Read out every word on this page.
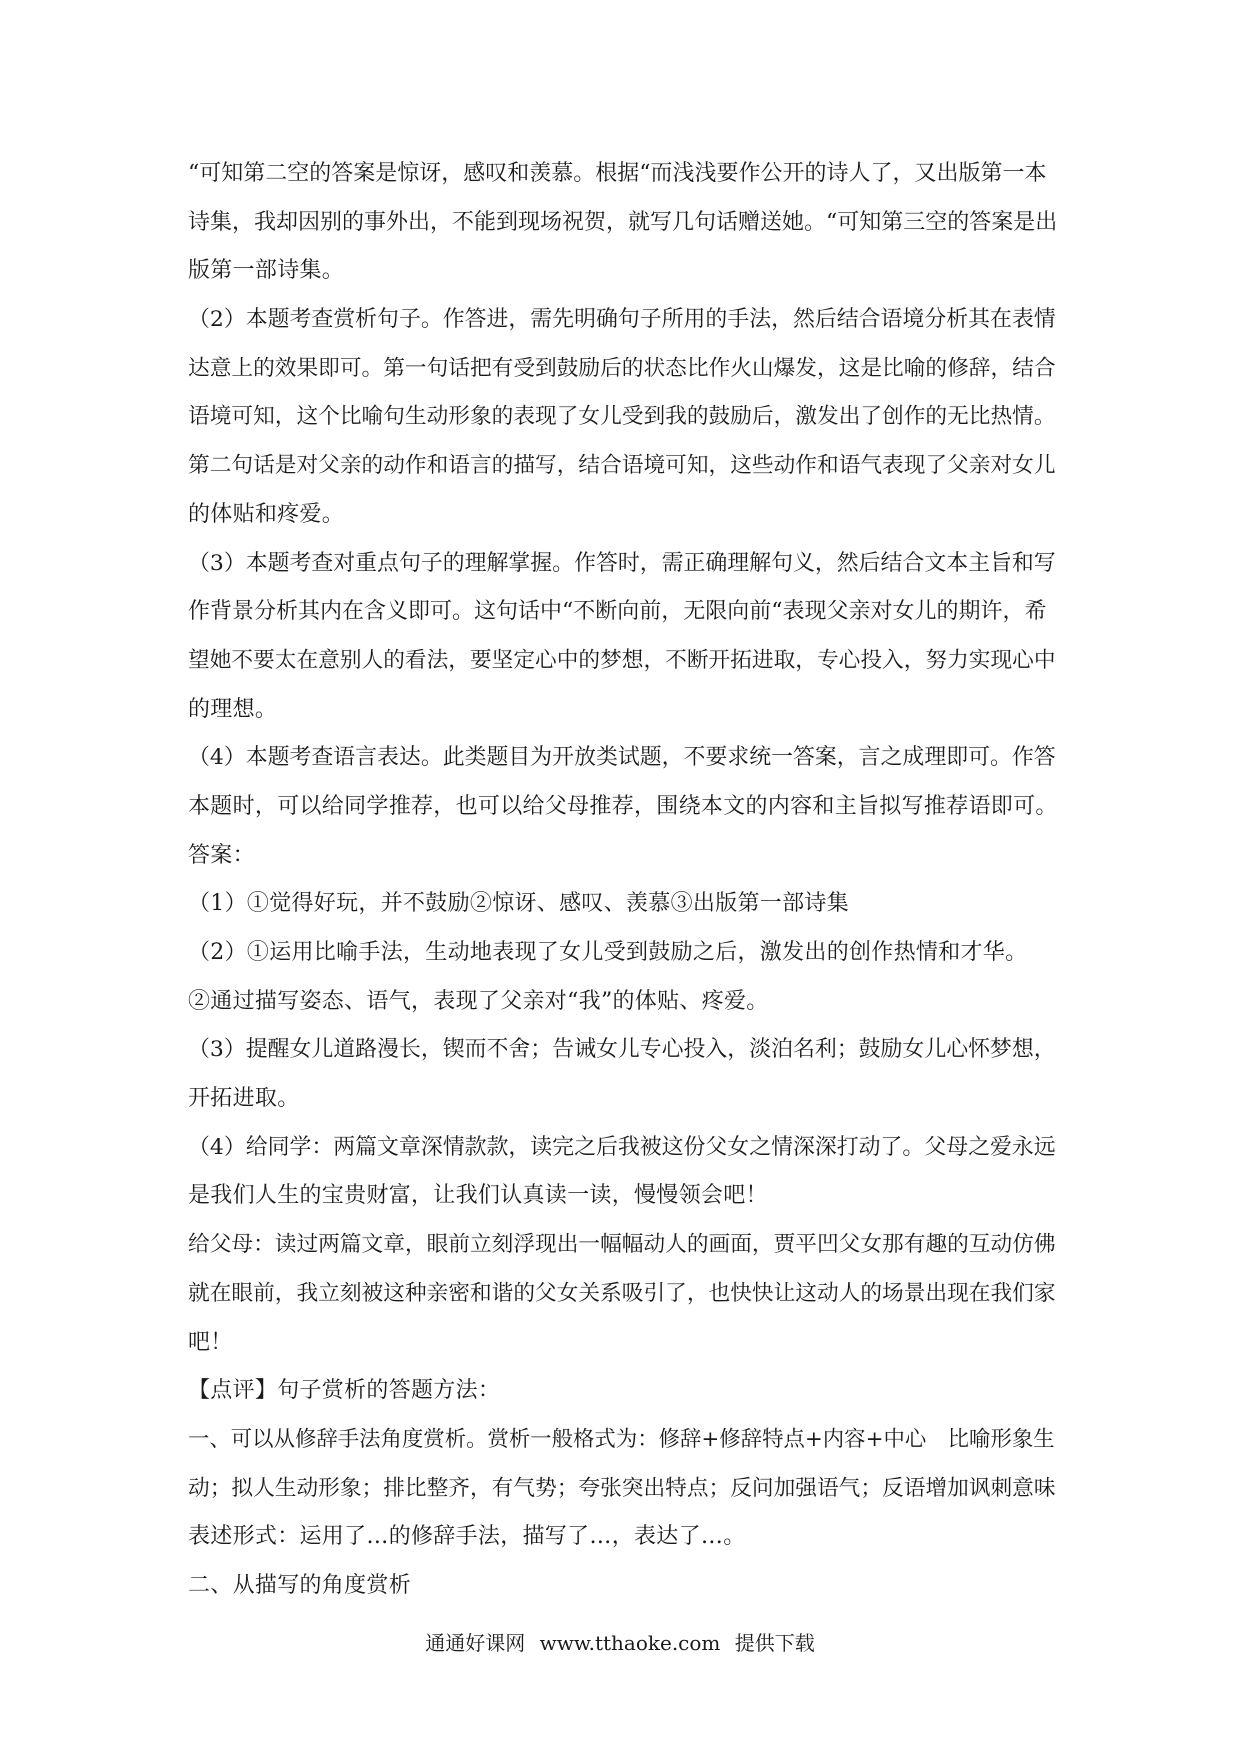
“可知第二空的答案是惊讶，感叹和羡慕。根据“而浅浅要作公开的诗人了，又出版第一本
诗集，我却因别的事外出，不能到现场祝贺，就写几句话赠送她。“可知第三空的答案是出
版第一部诗集。
（2）本题考查赏析句子。作答进，需先明确句子所用的手法，然后结合语境分析其在表情
达意上的效果即可。第一句话把有受到鼓励后的状态比作火山爆发，这是比喻的修辞，结合
语境可知，这个比喻句生动形象的表现了女儿受到我的鼓励后，激发出了创作的无比热情。
第二句话是对父亲的动作和语言的描写，结合语境可知，这些动作和语气表现了父亲对女儿
的体贴和疼爱。
（3）本题考查对重点句子的理解掌握。作答时，需正确理解句义，然后结合文本主旨和写
作背景分析其内在含义即可。这句话中“不断向前，无限向前“表现父亲对女儿的期许，希
望她不要太在意别人的看法，要坚定心中的梦想，不断开拓进取，专心投入，努力实现心中
的理想。
（4）本题考查语言表达。此类题目为开放类试题，不要求统一答案，言之成理即可。作答
本题时，可以给同学推荐，也可以给父母推荐，围绕本文的内容和主旨拟写推荐语即可。
答案：
（1）①觉得好玩，并不鼓励②惊讶、感叹、羡慕③出版第一部诗集
（2）①运用比喻手法，生动地表现了女儿受到鼓励之后，激发出的创作热情和才华。
②通过描写姿态、语气，表现了父亲对“我”的体贴、疼爱。
（3）提醒女儿道路漫长，锲而不舍；告诫女儿专心投入，淡泊名利；鼓励女儿心怀梦想，
开拓进取。
（4）给同学：两篇文章深情款款，读完之后我被这份父女之情深深打动了。父母之爱永远
是我们人生的宝贵财富，让我们认真读一读，慢慢领会吧！
给父母：读过两篇文章，眼前立刻浮现出一幅幅动人的画面，贾平凹父女那有趣的互动仿佛
就在眼前，我立刻被这种亲密和谐的父女关系吸引了，也快快让这动人的场景出现在我们家
吧！
【点评】句子赏析的答题方法：
一、可以从修辞手法角度赏析。赏析一般格式为：修辞+修辞特点+内容+中心　比喻形象生
动；拟人生动形象；排比整齐，有气势；夸张突出特点；反问加强语气；反语增加讽刺意味
表述形式：运用了…的修辞手法，描写了…，表达了…。
二、从描写的角度赏析
通通好课网 www.tthaoke.com 提供下载
